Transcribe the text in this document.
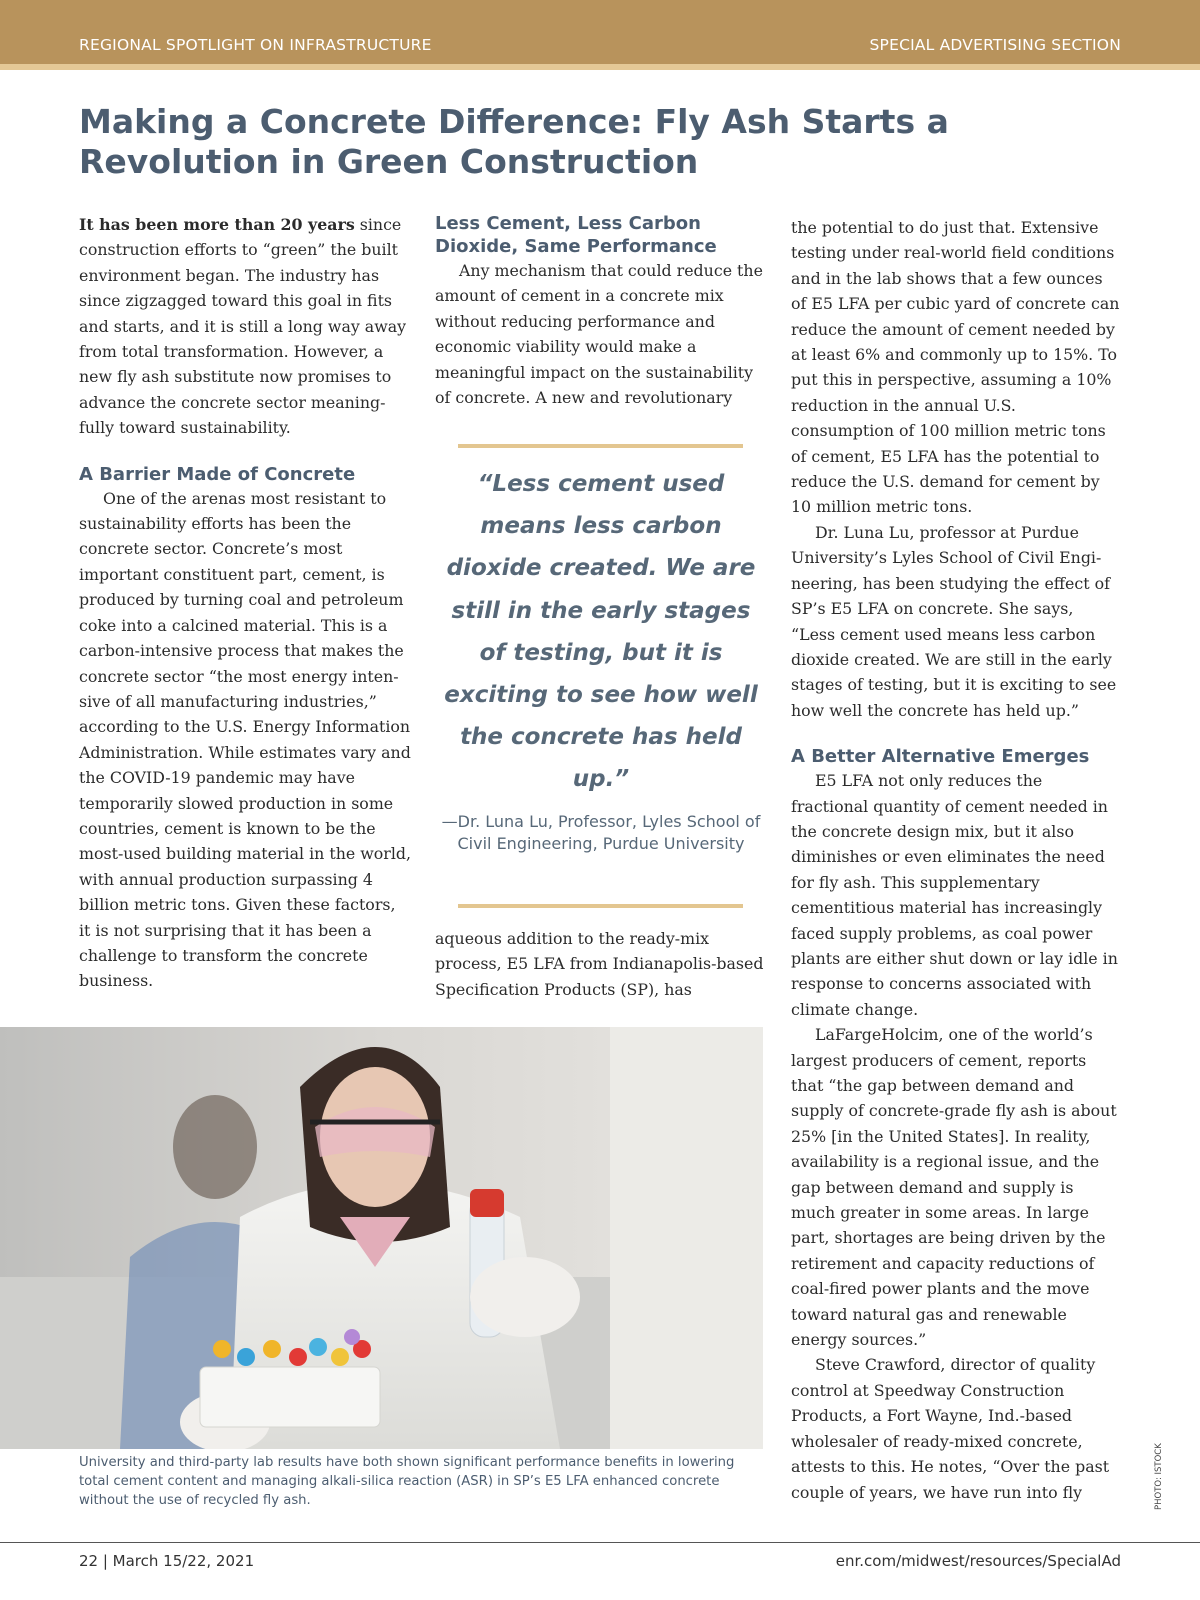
REGIONAL SPOTLIGHT ON INFRASTRUCTURE	SPECIAL ADVERTISING SECTION
Making a Concrete Difference: Fly Ash Starts a Revolution in Green Construction

It has been more than 20 years since construction efforts to “green” the built environment began. The industry has since zigzagged toward this goal in fits and starts, and it is still a long way away from total transformation. However, a new fly ash substitute now promises to advance the concrete sector meaningfully toward sustainability.

A Barrier Made of Concrete

One of the arenas most resistant to sustainability efforts has been the concrete sector. Concrete’s most important constituent part, cement, is produced by turning coal and petroleum coke into a calcined material. This is a carbon-intensive process that makes the concrete sector “the most energy intensive of all manufacturing industries,” according to the U.S. Energy Information Administration. While estimates vary and the COVID-19 pandemic may have temporarily slowed production in some countries, cement is known to be the most-used building material in the world, with annual production surpassing 4 billion metric tons. Given these factors, it is not surprising that it has been a challenge to transform the concrete business.

Less Cement, Less Carbon Dioxide, Same Performance

Any mechanism that could reduce the amount of cement in a concrete mix without reducing performance and economic viability would make a meaningful impact on the sustainability of concrete. A new and revolutionary

“Less cement used means less carbon dioxide created. We are still in the early stages of testing, but it is exciting to see how well the concrete has held up.”

—Dr. Luna Lu, Professor, Lyles School of Civil Engineering, Purdue University

aqueous addition to the ready-mix process, E5 LFA from Indianapolis-based Specification Products (SP), has

the potential to do just that. Extensive testing under real-world field conditions and in the lab shows that a few ounces of E5 LFA per cubic yard of concrete can reduce the amount of cement needed by at least 6% and commonly up to 15%. To put this in perspective, assuming a 10% reduction in the annual U.S. consumption of 100 million metric tons of cement, E5 LFA has the potential to reduce the U.S. demand for cement by 10 million metric tons.

Dr. Luna Lu, professor at Purdue University’s Lyles School of Civil Engineering, has been studying the effect of SP’s E5 LFA on concrete. She says, “Less cement used means less carbon dioxide created. We are still in the early stages of testing, but it is exciting to see how well the concrete has held up.”

A Better Alternative Emerges

E5 LFA not only reduces the fractional quantity of cement needed in the concrete design mix, but it also diminishes or even eliminates the need for fly ash. This supplementary cementitious material has increasingly faced supply problems, as coal power plants are either shut down or lay idle in response to concerns associated with climate change.

LaFargeHolcim, one of the world’s largest producers of cement, reports that “the gap between demand and supply of concrete-grade fly ash is about 25% [in the United States]. In reality, availability is a regional issue, and the gap between demand and supply is much greater in some areas. In large part, shortages are being driven by the retirement and capacity reductions of coal-fired power plants and the move toward natural gas and renewable energy sources.”

Steve Crawford, director of quality control at Speedway Construction Products, a Fort Wayne, Ind.-based wholesaler of ready-mixed concrete, attests to this. He notes, “Over the past couple of years, we have run into fly

University and third-party lab results have both shown significant performance benefits in lowering total cement content and managing alkali-silica reaction (ASR) in SP’s E5 LFA enhanced concrete without the use of recycled fly ash.	PHOTO: ISTOCK
22 | March 15/22, 2021	enr.com/midwest/resources/SpecialAd
